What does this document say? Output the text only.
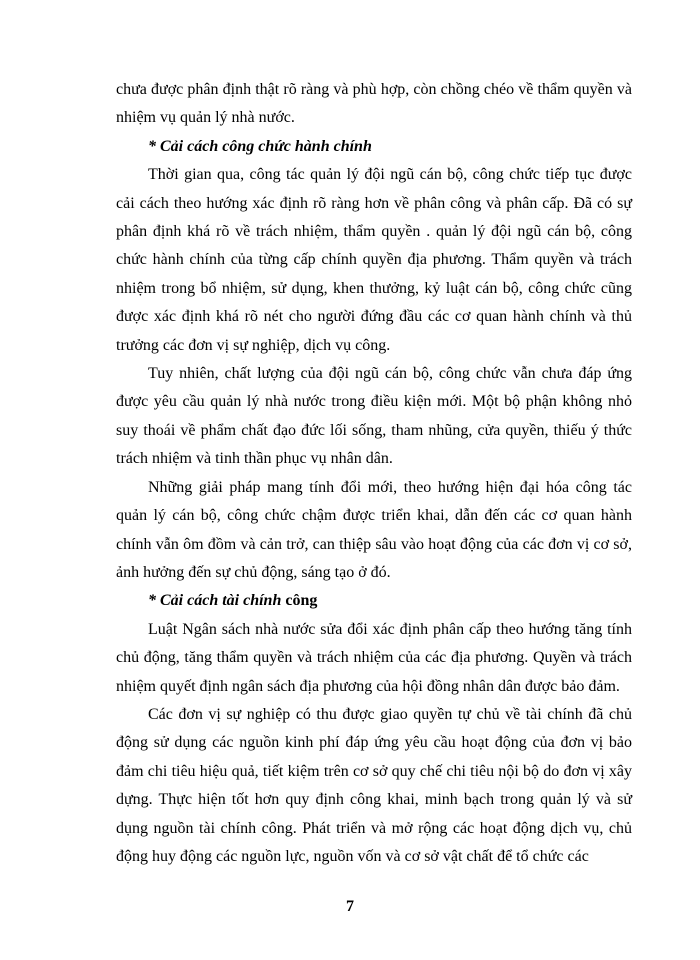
chưa được phân định thật rõ ràng và phù hợp, còn chồng chéo về thẩm quyền và nhiệm vụ quản lý nhà nước.

* Cải cách công chức hành chính

Thời gian qua, công tác quản lý đội ngũ cán bộ, công chức tiếp tục được cải cách theo hướng xác định rõ ràng hơn về phân công và phân cấp. Đã có sự phân định khá rõ về trách nhiệm, thẩm quyền . quản lý đội ngũ cán bộ, công chức hành chính của từng cấp chính quyền địa phương. Thẩm quyền và trách nhiệm trong bổ nhiệm, sử dụng, khen thưởng, kỷ luật cán bộ, công chức cũng được xác định khá rõ nét cho người đứng đầu các cơ quan hành chính và thủ trưởng các đơn vị sự nghiệp, dịch vụ công.

Tuy nhiên, chất lượng của đội ngũ cán bộ, công chức vẫn chưa đáp ứng được yêu cầu quản lý nhà nước trong điều kiện mới. Một bộ phận không nhỏ suy thoái về phẩm chất đạo đức lối sống, tham nhũng, cửa quyền, thiếu ý thức trách nhiệm và tinh thần phục vụ nhân dân.

Những giải pháp mang tính đổi mới, theo hướng hiện đại hóa công tác quản lý cán bộ, công chức chậm được triển khai, dẫn đến các cơ quan hành chính vẫn ôm đồm và cản trở, can thiệp sâu vào hoạt động của các đơn vị cơ sở, ảnh hưởng đến sự chủ động, sáng tạo ở đó.

* Cải cách tài chính công

Luật Ngân sách nhà nước sửa đổi xác định phân cấp theo hướng tăng tính chủ động, tăng thẩm quyền và trách nhiệm của các địa phương. Quyền và trách nhiệm quyết định ngân sách địa phương của hội đồng nhân dân được bảo đảm.

Các đơn vị sự nghiệp có thu được giao quyền tự chủ về tài chính đã chủ động sử dụng các nguồn kinh phí đáp ứng yêu cầu hoạt động của đơn vị bảo đảm chi tiêu hiệu quả, tiết kiệm trên cơ sở quy chế chi tiêu nội bộ do đơn vị xây dựng. Thực hiện tốt hơn quy định công khai, minh bạch trong quản lý và sử dụng nguồn tài chính công. Phát triển và mở rộng các hoạt động dịch vụ, chủ động huy động các nguồn lực, nguồn vốn và cơ sở vật chất để tổ chức các

7
